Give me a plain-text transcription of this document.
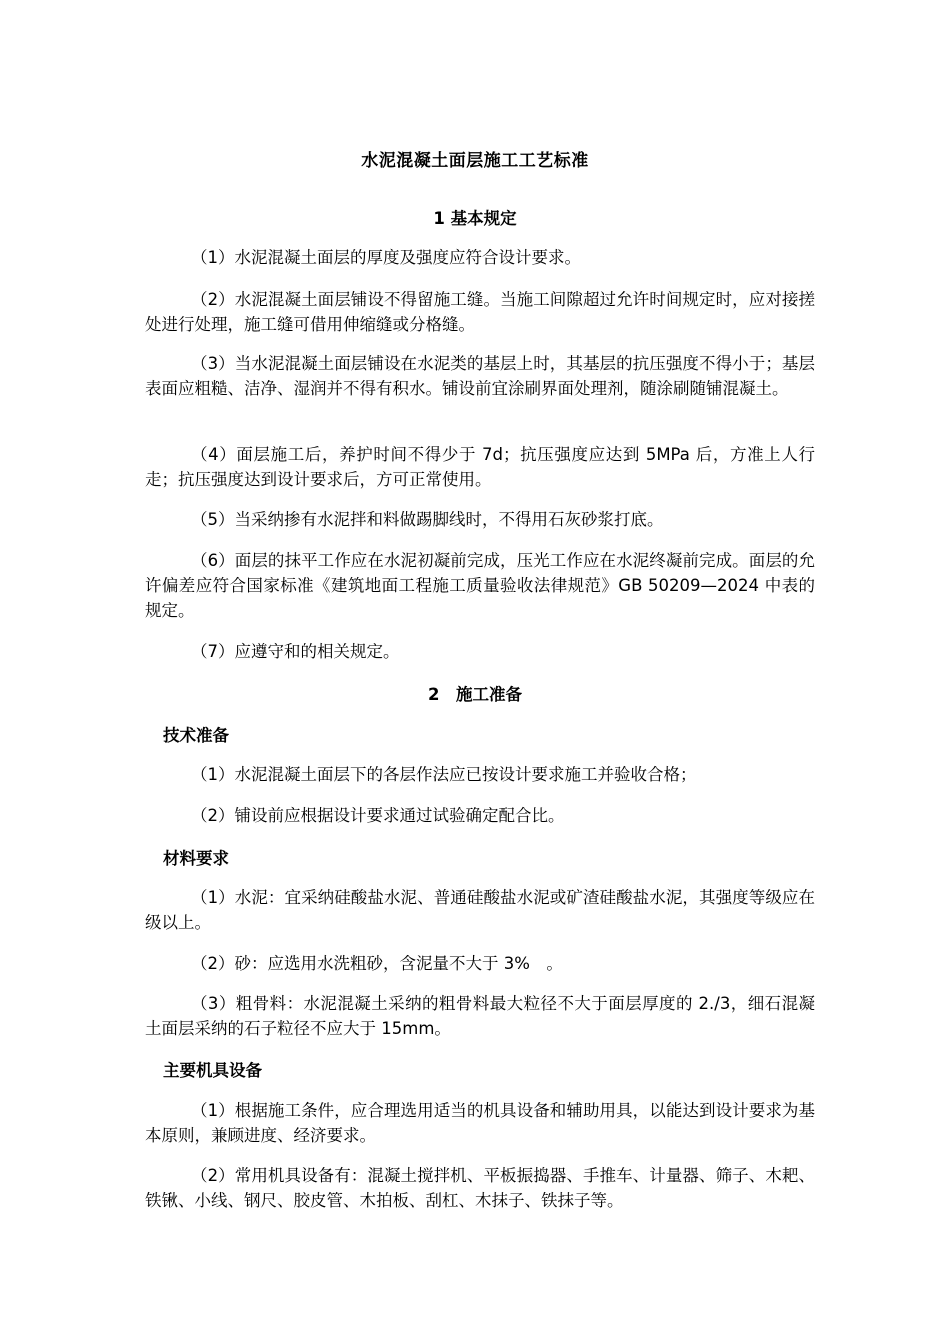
水泥混凝土面层施工工艺标准
1 基本规定
（1）水泥混凝土面层的厚度及强度应符合设计要求。
（2）水泥混凝土面层铺设不得留施工缝。当施工间隙超过允许时间规定时，应对接搓处进行处理，施工缝可借用伸缩缝或分格缝。
（3）当水泥混凝土面层铺设在水泥类的基层上时，其基层的抗压强度不得小于；基层表面应粗糙、洁净、湿润并不得有积水。铺设前宜涂刷界面处理剂，随涂刷随铺混凝土。
（4）面层施工后，养护时间不得少于 7d；抗压强度应达到 5MPa 后，方准上人行走；抗压强度达到设计要求后，方可正常使用。
（5）当采纳掺有水泥拌和料做踢脚线时，不得用石灰砂浆打底。
（6）面层的抹平工作应在水泥初凝前完成，压光工作应在水泥终凝前完成。面层的允许偏差应符合国家标准《建筑地面工程施工质量验收法律规范》GB 50209—2024 中表的规定。
（7）应遵守和的相关规定。
2　施工准备
技术准备
（1）水泥混凝土面层下的各层作法应已按设计要求施工并验收合格；
（2）铺设前应根据设计要求通过试验确定配合比。
材料要求
（1）水泥：宜采纳硅酸盐水泥、普通硅酸盐水泥或矿渣硅酸盐水泥，其强度等级应在级以上。
（2）砂：应选用水洗粗砂，含泥量不大于 3%　。
（3）粗骨料：水泥混凝土采纳的粗骨料最大粒径不大于面层厚度的 2./3，细石混凝土面层采纳的石子粒径不应大于 15mm。
主要机具设备
（1）根据施工条件，应合理选用适当的机具设备和辅助用具，以能达到设计要求为基本原则，兼顾进度、经济要求。
（2）常用机具设备有：混凝土搅拌机、平板振捣器、手推车、计量器、筛子、木耙、铁锹、小线、钢尺、胶皮管、木拍板、刮杠、木抹子、铁抹子等。
